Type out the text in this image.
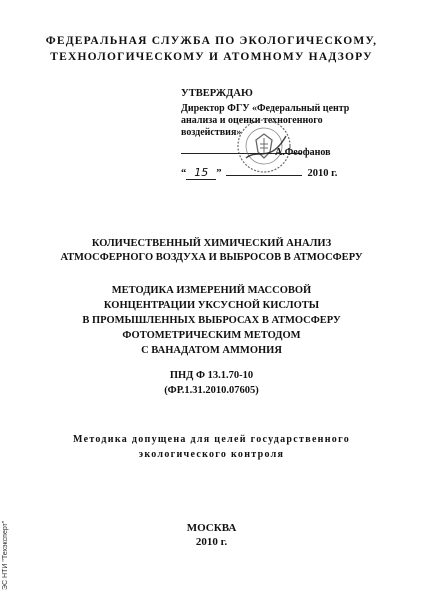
ФЕДЕРАЛЬНАЯ СЛУЖБА ПО ЭКОЛОГИЧЕСКОМУ,
ТЕХНОЛОГИЧЕСКОМУ И АТОМНОМУ НАДЗОРУ
УТВЕРЖДАЮ
Директор ФГУ «Федеральный центр
анализа и оценки техногенного
воздействия»
А.Феофанов
“ 15 ”	2010 г.
КОЛИЧЕСТВЕННЫЙ ХИМИЧЕСКИЙ АНАЛИЗ
АТМОСФЕРНОГО ВОЗДУХА И ВЫБРОСОВ В АТМОСФЕРУ
МЕТОДИКА ИЗМЕРЕНИЙ МАССОВОЙ
КОНЦЕНТРАЦИИ УКСУСНОЙ КИСЛОТЫ
В ПРОМЫШЛЕННЫХ ВЫБРОСАХ В АТМОСФЕРУ
ФОТОМЕТРИЧЕСКИМ МЕТОДОМ
С ВАНАДАТОМ АММОНИЯ
ПНД Ф 13.1.70-10
(ФР.1.31.2010.07605)
Методика допущена для целей государственного
экологического контроля
МОСКВА
2010 г.
ЭС НТИ "Техэксперт"
